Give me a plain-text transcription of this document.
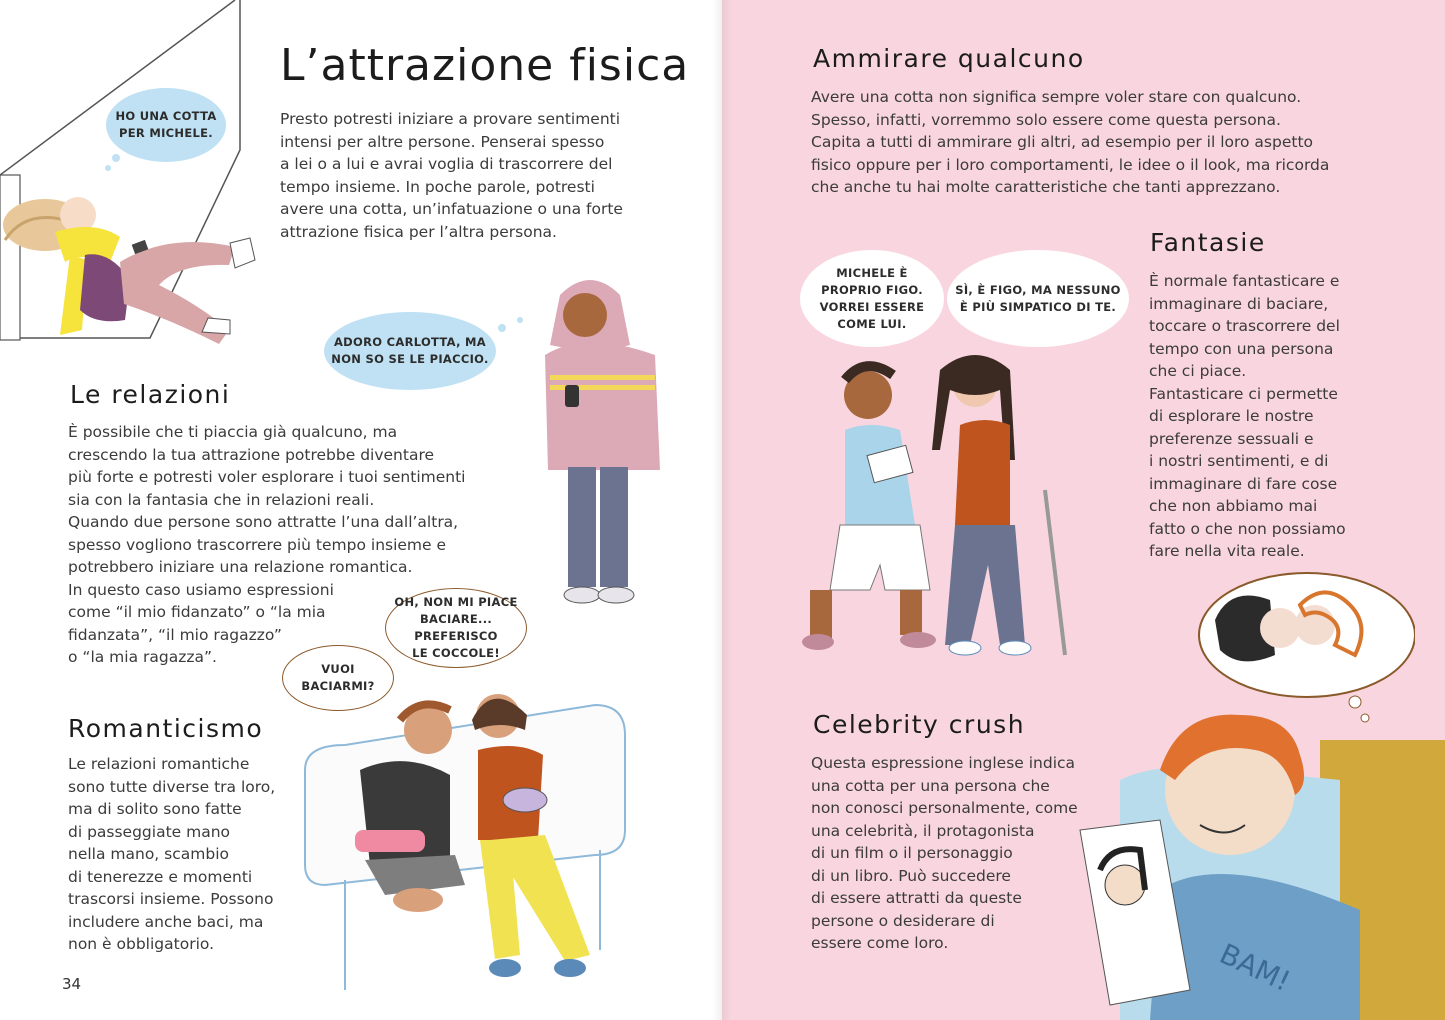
HO UNA COTTA
PER MICHELE.
L’attrazione fisica

Presto potresti iniziare a provare sentimenti
intensi per altre persone. Penserai spesso
a lei o a lui e avrai voglia di trascorrere del
tempo insieme. In poche parole, potresti
avere una cotta, un’infatuazione o una forte
attrazione fisica per l’altra persona.

ADORO CARLOTTA, MA
NON SO SE LE PIACCIO.
Le relazioni

È possibile che ti piaccia già qualcuno, ma
crescendo la tua attrazione potrebbe diventare
più forte e potresti voler esplorare i tuoi sentimenti
sia con la fantasia che in relazioni reali.
Quando due persone sono attratte l’una dall’altra,
spesso vogliono trascorrere più tempo insieme e
potrebbero iniziare una relazione romantica.
In questo caso usiamo espressioni
come “il mio fidanzato” o “la mia
fidanzata”, “il mio ragazzo”
o “la mia ragazza”.

OH, NON MI PIACE
BACIARE... PREFERISCO
LE COCCOLE!
VUOI
BACIARMI?
Romanticismo

Le relazioni romantiche
sono tutte diverse tra loro,
ma di solito sono fatte
di passeggiate mano
nella mano, scambio
di tenerezze e momenti
trascorsi insieme. Possono
includere anche baci, ma
non è obbligatorio.

34
Ammirare qualcuno

Avere una cotta non significa sempre voler stare con qualcuno.
Spesso, infatti, vorremmo solo essere come questa persona.
Capita a tutti di ammirare gli altri, ad esempio per il loro aspetto
fisico oppure per i loro comportamenti, le idee o il look, ma ricorda
che anche tu hai molte caratteristiche che tanti apprezzano.

Fantasie

È normale fantasticare e
immaginare di baciare,
toccare o trascorrere del
tempo con una persona
che ci piace.
Fantasticare ci permette
di esplorare le nostre
preferenze sessuali e
i nostri sentimenti, e di
immaginare di fare cose
che non abbiamo mai
fatto o che non possiamo
fare nella vita reale.

MICHELE È
PROPRIO FIGO.
VORREI ESSERE
COME LUI.
SÌ, È FIGO, MA NESSUNO
È PIÙ SIMPATICO DI TE.
Celebrity crush

Questa espressione inglese indica
una cotta per una persona che
non conosci personalmente, come
una celebrità, il protagonista
di un film o il personaggio
di un libro. Può succedere
di essere attratti da queste
persone o desiderare di
essere come loro.	BAM!
